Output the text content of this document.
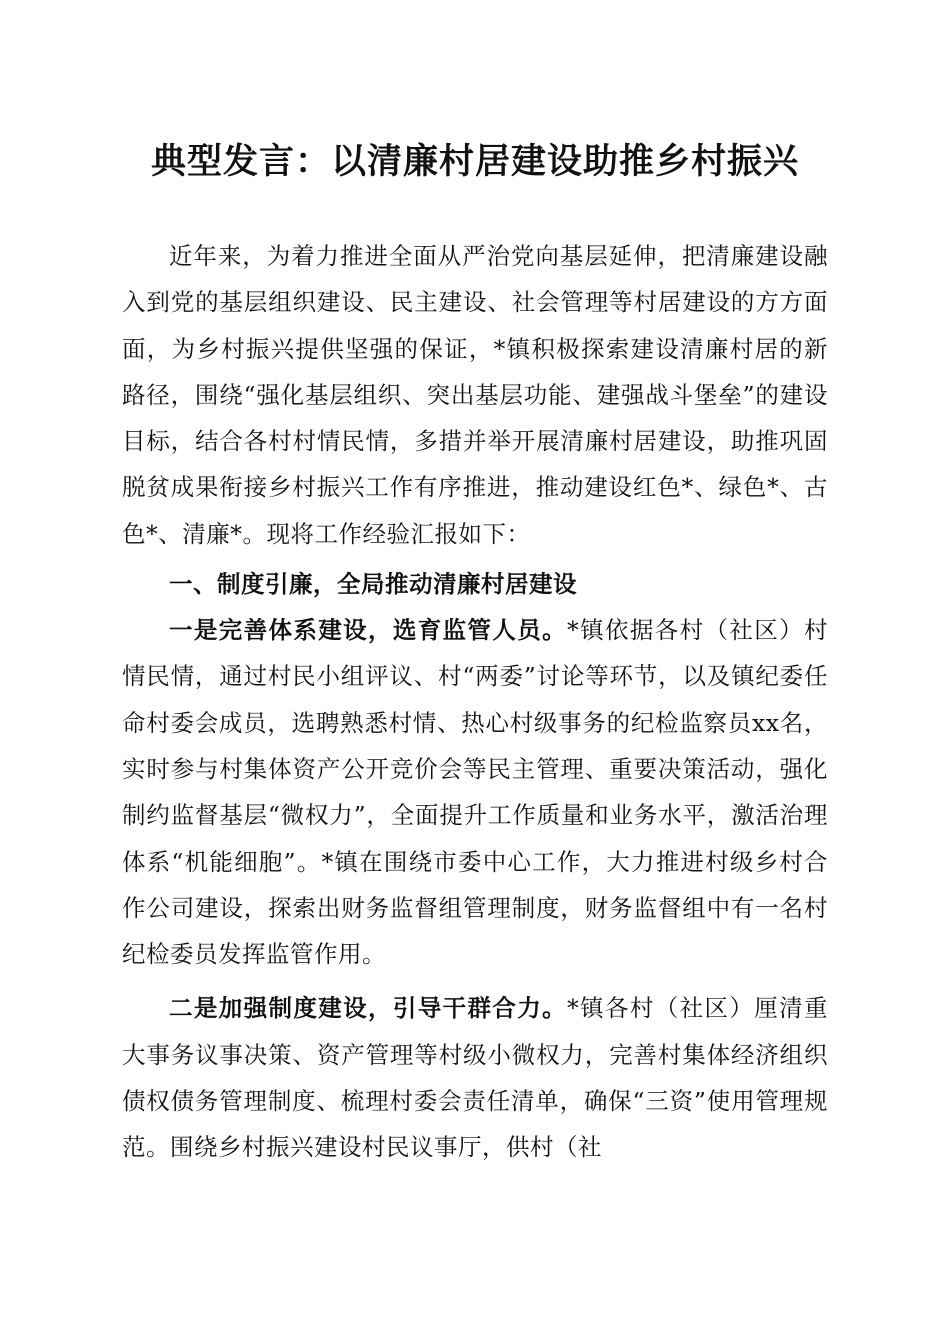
典型发言：以清廉村居建设助推乡村振兴

近年来，为着力推进全面从严治党向基层延伸，把清廉建设融入到党的基层组织建设、民主建设、社会管理等村居建设的方方面面，为乡村振兴提供坚强的保证，*镇积极探索建设清廉村居的新路径，围绕“强化基层组织、突出基层功能、建强战斗堡垒”的建设目标，结合各村村情民情，多措并举开展清廉村居建设，助推巩固脱贫成果衔接乡村振兴工作有序推进，推动建设红色*、绿色*、古色*、清廉*。现将工作经验汇报如下：

一、制度引廉，全局推动清廉村居建设

一是完善体系建设，选育监管人员。*镇依据各村（社区）村情民情，通过村民小组评议、村“两委”讨论等环节，以及镇纪委任命村委会成员，选聘熟悉村情、热心村级事务的纪检监察员xx名，实时参与村集体资产公开竞价会等民主管理、重要决策活动，强化制约监督基层“微权力”，全面提升工作质量和业务水平，激活治理体系“机能细胞”。*镇在围绕市委中心工作，大力推进村级乡村合作公司建设，探索出财务监督组管理制度，财务监督组中有一名村纪检委员发挥监管作用。

二是加强制度建设，引导干群合力。*镇各村（社区）厘清重大事务议事决策、资产管理等村级小微权力，完善村集体经济组织债权债务管理制度、梳理村委会责任清单，确保“三资”使用管理规范。围绕乡村振兴建设村民议事厅，供村（社
